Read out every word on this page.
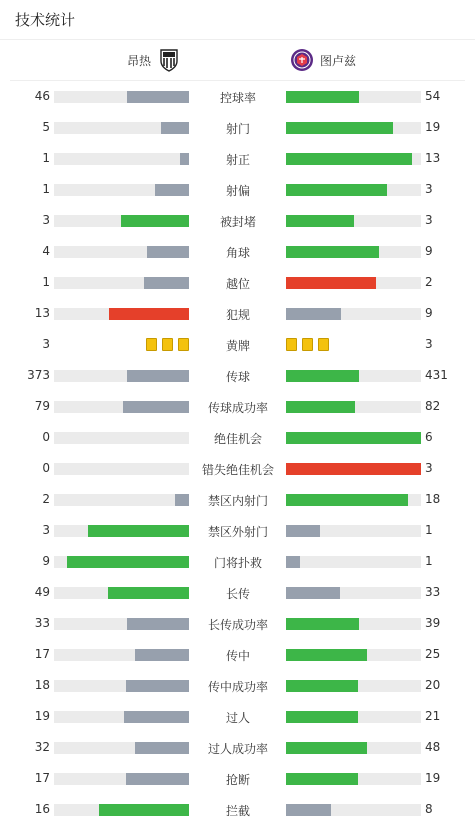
技术统计
昂热	图卢兹
46	控球率	54
5	射门	19
1	射正	13
1	射偏	3
3	被封堵	3
4	角球	9
1	越位	2
13	犯规	9
3	黄牌	3
373	传球	431
79	传球成功率	82
0	绝佳机会	6
0	错失绝佳机会	3
2	禁区内射门	18
3	禁区外射门	1
9	门将扑救	1
49	长传	33
33	长传成功率	39
17	传中	25
18	传中成功率	20
19	过人	21
32	过人成功率	48
17	抢断	19
16	拦截	8
